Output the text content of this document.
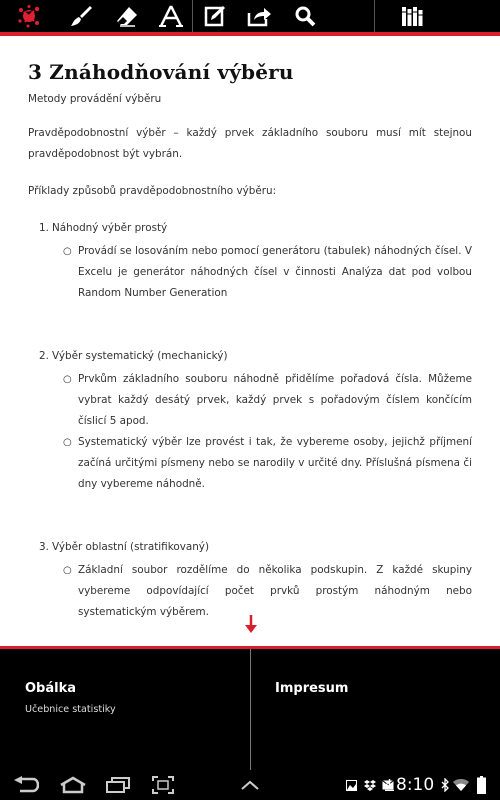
3 Znáhodňování výběru
Metody provádění výběru

Pravděpodobnostní výběr – každý prvek základního souboru musí mít stejnou pravděpodobnost být vybrán.

Příklady způsobů pravděpodobnostního výběru:

1. Náhodný výběr prostý
○ Provádí se losováním nebo pomocí generátoru (tabulek) náhodných čísel. V Excelu je generátor náhodných čísel v činnosti Analýza dat pod volbou Random Number Generation
2. Výběr systematický (mechanický)
○ Prvkům základního souboru náhodně přidělíme pořadová čísla. Můžeme vybrat každý desátý prvek, každý prvek s pořadovým číslem končícím číslicí 5 apod.
○ Systematický výběr lze provést i tak, že vybereme osoby, jejichž příjmení začíná určitými písmeny nebo se narodily v určité dny. Příslušná písmena či dny vybereme náhodně.
3. Výběr oblastní (stratifikovaný)
○ Základní soubor rozdělíme do několika podskupin. Z každé skupiny vybereme odpovídající počet prvků prostým náhodným nebo systematickým výběrem.

Obálka
Učebnice statistiky
Impresum
8:10
